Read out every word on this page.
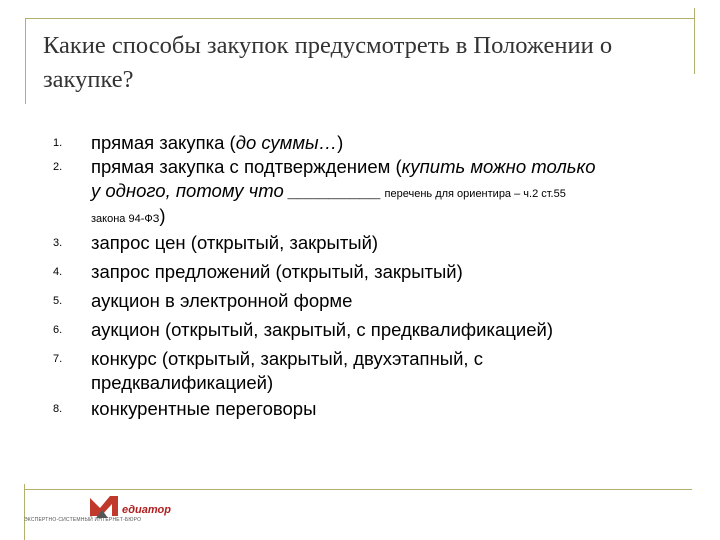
Какие способы закупок предусмотреть в Положении о закупке?
1.	прямая закупка (до суммы…)
2.	прямая закупка с подтверждением (купить можно только
у одного, потому что _________ перечень для ориентира – ч.2 ст.55
закона 94-ФЗ)
3.	запрос цен (открытый, закрытый)
4.	запрос предложений (открытый, закрытый)
5.	аукцион в электронной форме
6.	аукцион (открытый, закрытый, с предквалификацией)
7.	конкурс (открытый, закрытый, двухэтапный, с
предквалификацией)
8.	конкурентные переговоры
едиатор
ЭКСПЕРТНО-СИСТЕМНЫЙ ИНТЕРНЕТ-БЮРО
